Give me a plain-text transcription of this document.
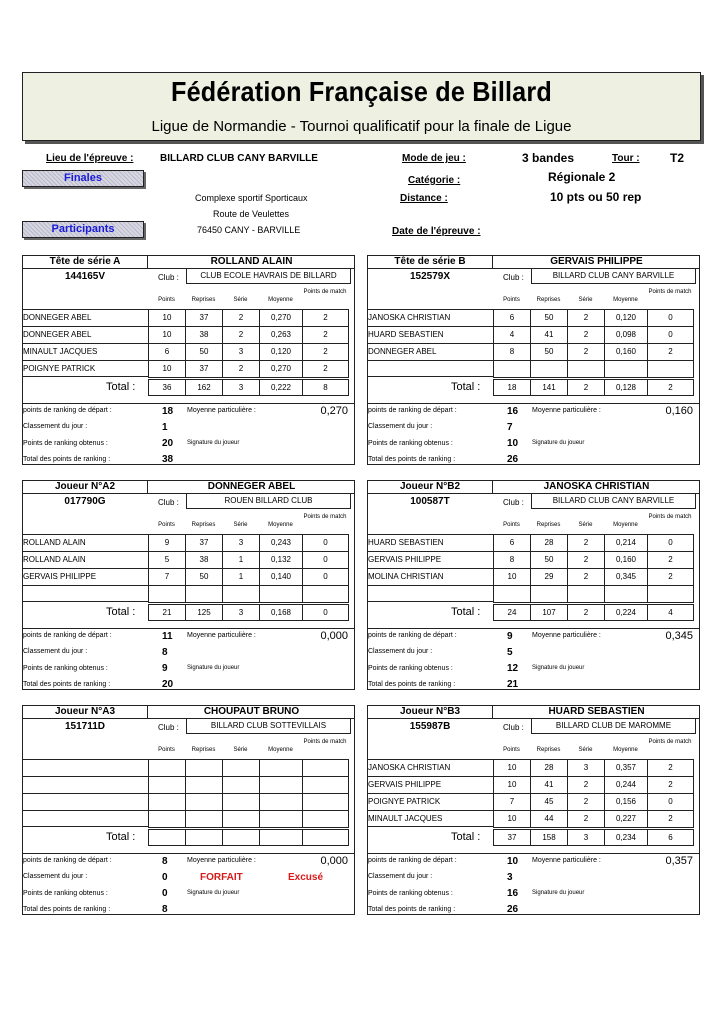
Fédération Française de Billard
Ligue de Normandie - Tournoi qualificatif pour la finale de Ligue
Lieu de l'épreuve :	BILLARD CLUB CANY BARVILLE	Mode de jeu :	3 bandes	Tour :	T2
Finales	Catégorie :	Régionale 2
Complexe sportif Sporticaux	Distance :	10 pts ou 50 rep
Route de Veulettes
Participants	76450 CANY - BARVILLE	Date de l'épreuve :
Tête de série A	ROLLAND ALAIN
144165V	Club :	CLUB ECOLE HAVRAIS DE BILLARD
Points	Reprises	Série	Moyenne
Points de match
DONNEGER ABEL	10	37	2	0,270	2
DONNEGER ABEL	10	38	2	0,263	2
MINAULT JACQUES	6	50	3	0,120	2
POIGNYE PATRICK	10	37	2	0,270	2
Total :	36	162	3	0,222	8
points de ranking de départ :	18 Moyenne particulière :	0,270
Classement du jour :	1
Points de ranking obtenus :	20 Signature du joueur
Total des points de ranking :	38
Tête de série B	GERVAIS PHILIPPE
152579X	Club :	BILLARD CLUB CANY BARVILLE
Points	Reprises	Série	Moyenne
Points de match
JANOSKA CHRISTIAN	6	50	2	0,120	0
HUARD SEBASTIEN	4	41	2	0,098	0
DONNEGER ABEL	8	50	2	0,160	2
Total :	18	141	2	0,128	2
points de ranking de départ :	16 Moyenne particulière :	0,160
Classement du jour :	7
Points de ranking obtenus :	10 Signature du joueur
Total des points de ranking :	26
Joueur N°A2	DONNEGER ABEL
017790G	Club :	ROUEN BILLARD CLUB
Points	Reprises	Série	Moyenne
Points de match
ROLLAND ALAIN	9	37	3	0,243	0
ROLLAND ALAIN	5	38	1	0,132	0
GERVAIS PHILIPPE	7	50	1	0,140	0
Total :	21	125	3	0,168	0
points de ranking de départ :	11 Moyenne particulière :	0,000
Classement du jour :	8
Points de ranking obtenus :	9	Signature du joueur
Total des points de ranking :	20
Joueur N°B2	JANOSKA CHRISTIAN
100587T	Club :	BILLARD CLUB CANY BARVILLE
Points	Reprises	Série	Moyenne
Points de match
HUARD SEBASTIEN	6	28	2	0,214	0
GERVAIS PHILIPPE	8	50	2	0,160	2
MOLINA CHRISTIAN	10	29	2	0,345	2
Total :	24	107	2	0,224	4
points de ranking de départ :	9	Moyenne particulière :	0,345
Classement du jour :	5
Points de ranking obtenus :	12 Signature du joueur
Total des points de ranking :	21
Joueur N°A3	CHOUPAUT BRUNO
151711D	Club :	BILLARD CLUB SOTTEVILLAIS
Points	Reprises	Série	Moyenne
Points de match
Total :
points de ranking de départ :	8	Moyenne particulière :	0,000
Classement du jour :	0	FORFAIT	Excusé
Points de ranking obtenus :	0	Signature du joueur
Total des points de ranking :	8
Joueur N°B3	HUARD SEBASTIEN
155987B	Club :	BILLARD CLUB DE MAROMME
Points	Reprises	Série	Moyenne
Points de match
JANOSKA CHRISTIAN	10	28	3	0,357	2
GERVAIS PHILIPPE	10	41	2	0,244	2
POIGNYE PATRICK	7	45	2	0,156	0
MINAULT JACQUES	10	44	2	0,227	2
Total :	37	158	3	0,234	6
points de ranking de départ :	10 Moyenne particulière :	0,357
Classement du jour :	3
Points de ranking obtenus :	16 Signature du joueur
Total des points de ranking :	26
